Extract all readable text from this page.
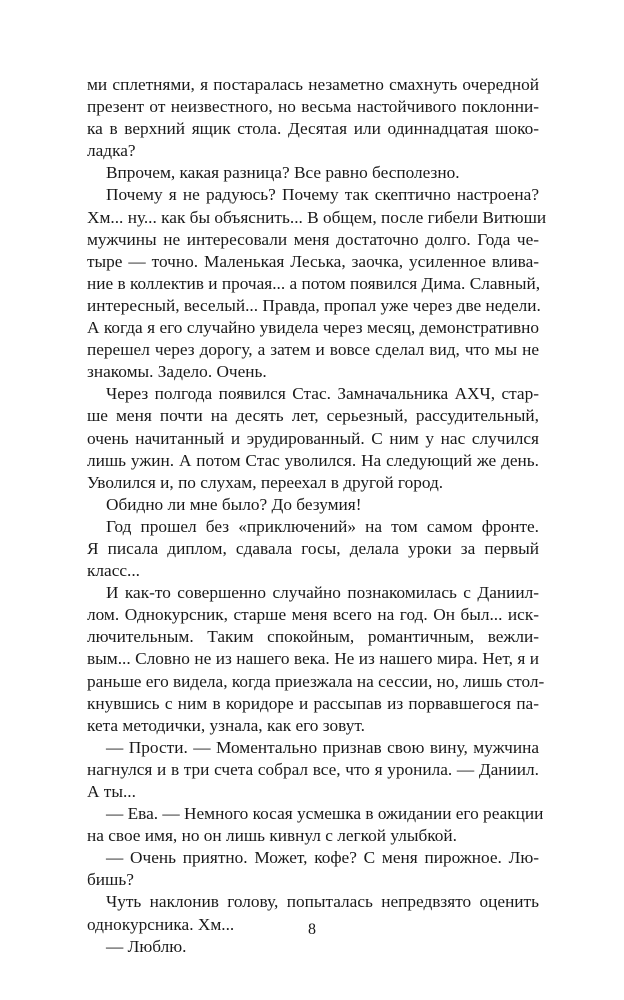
ми сплетнями, я постаралась незаметно смахнуть очередной
презент от неизвестного, но весьма настойчивого поклонни-
ка в верхний ящик стола. Десятая или одиннадцатая шоко-
ладка?
Впрочем, какая разница? Все равно бесполезно.
Почему я не радуюсь? Почему так скептично настроена?
Хм... ну... как бы объяснить... В общем, после гибели Витюши
мужчины не интересовали меня достаточно долго. Года че-
тыре — точно. Маленькая Леська, заочка, усиленное влива-
ние в коллектив и прочая... а потом появился Дима. Славный,
интересный, веселый... Правда, пропал уже через две недели.
А когда я его случайно увидела через месяц, демонстративно
перешел через дорогу, а затем и вовсе сделал вид, что мы не
знакомы. Задело. Очень.
Через полгода появился Стас. Замначальника АХЧ, стар-
ше меня почти на десять лет, серьезный, рассудительный,
очень начитанный и эрудированный. С ним у нас случился
лишь ужин. А потом Стас уволился. На следующий же день.
Уволился и, по слухам, переехал в другой город.
Обидно ли мне было? До безумия!
Год прошел без «приключений» на том самом фронте.
Я писала диплом, сдавала госы, делала уроки за первый
класс...
И как-то совершенно случайно познакомилась с Даниил-
лом. Однокурсник, старше меня всего на год. Он был... иск-
лючительным. Таким спокойным, романтичным, вежли-
вым... Словно не из нашего века. Не из нашего мира. Нет, я и
раньше его видела, когда приезжала на сессии, но, лишь стол-
кнувшись с ним в коридоре и рассыпав из порвавшегося па-
кета методички, узнала, как его зовут.
— Прости. — Моментально признав свою вину, мужчина
нагнулся и в три счета собрал все, что я уронила. — Даниил.
А ты...
— Ева. — Немного косая усмешка в ожидании его реакции
на свое имя, но он лишь кивнул с легкой улыбкой.
— Очень приятно. Может, кофе? С меня пирожное. Лю-
бишь?
Чуть наклонив голову, попыталась непредвзято оценить
однокурсника. Хм...
— Люблю.
8
